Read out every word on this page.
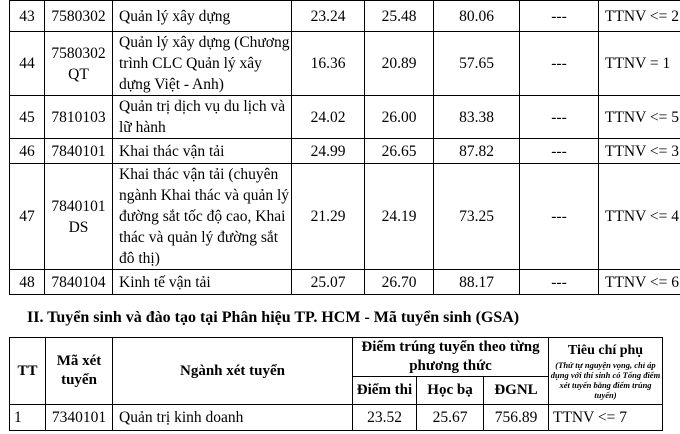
43	7580302	Quản lý xây dựng	23.24	25.48	80.06	---	TTNV <= 2
44	7580302 QT	Quản lý xây dựng (Chương trình CLC Quản lý xây dựng Việt - Anh)	16.36	20.89	57.65	---	TTNV = 1
45	7810103	Quản trị dịch vụ du lịch và lữ hành	24.02	26.00	83.38	---	TTNV <= 5
46	7840101	Khai thác vận tải	24.99	26.65	87.82	---	TTNV <= 3
47	7840101 DS	Khai thác vận tải (chuyên ngành Khai thác và quản lý đường sắt tốc độ cao, Khai thác và quản lý đường sắt đô thị)	21.29	24.19	73.25	---	TTNV <= 4
48	7840104	Kinh tế vận tải	25.07	26.70	88.17	---	TTNV <= 6
II. Tuyển sinh và đào tạo tại Phân hiệu TP. HCM - Mã tuyển sinh (GSA)
TT	Mã xét tuyển	Ngành xét tuyển	Điểm trúng tuyển theo từng phương thức			Tiêu chí phụ
(Thứ tự nguyện vọng, chỉ áp dụng với thí sinh có Tổng điểm xét tuyển bằng điểm trúng tuyển)

			Điểm thi	Học bạ	ĐGNL	
1	7340101	Quản trị kinh doanh	23.52	25.67	756.89	TTNV <= 7
